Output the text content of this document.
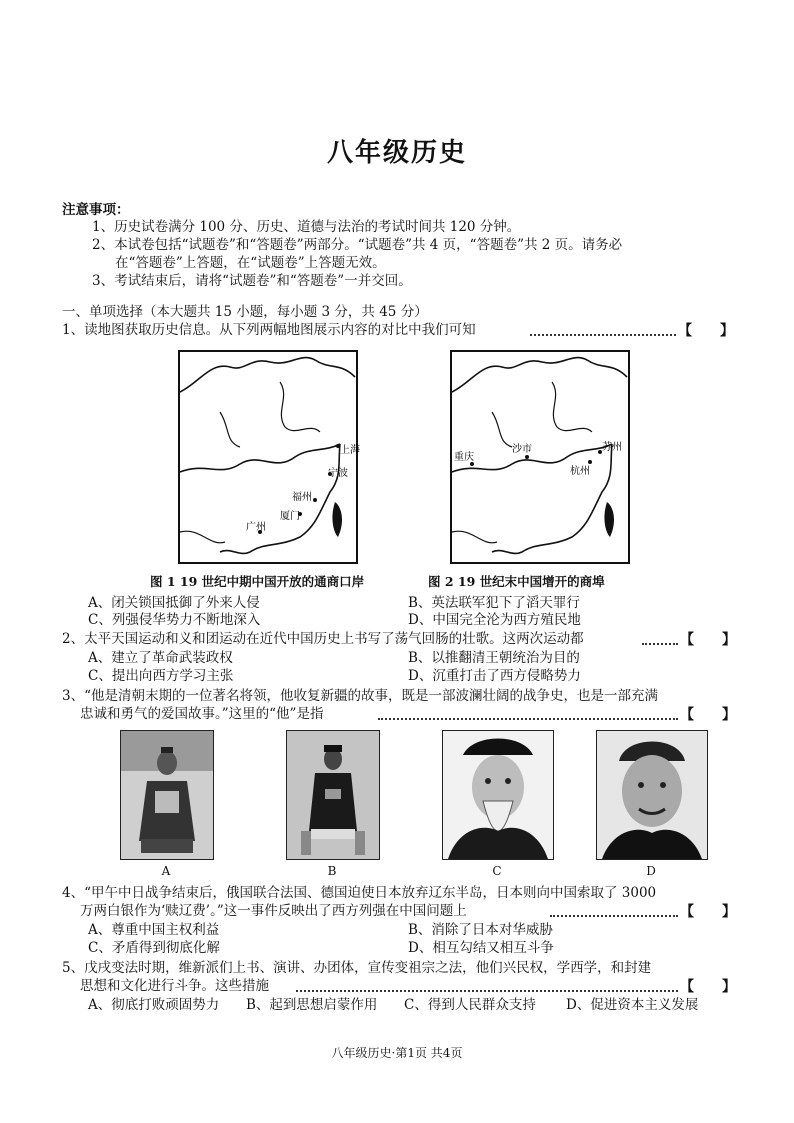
八年级历史
注意事项：
1、历史试卷满分 100 分、历史、道德与法治的考试时间共 120 分钟。
2、本试卷包括“试题卷”和“答题卷”两部分。“试题卷”共 4 页，“答题卷”共 2 页。请务必
在“答题卷”上答题，在“试题卷”上答题无效。
3、考试结束后，请将“试题卷”和“答题卷”一并交回。
一、单项选择（本大题共 15 小题，每小题 3 分，共 45 分）
1、读地图获取历史信息。从下列两幅地图展示内容的对比中我们可知	【　　】
上海
宁波
福州
厦门
广州
重庆
沙市	苏州
杭州
图 1 19 世纪中期中国开放的通商口岸	图 2 19 世纪末中国增开的商埠
A、闭关锁国抵御了外来人侵	B、英法联军犯下了滔天罪行
C、列强侵华势力不断地深入	D、中国完全沦为西方殖民地
2、太平天国运动和义和团运动在近代中国历史上书写了荡气回肠的壮歌。这两次运动都	【　　】
A、建立了革命武装政权	B、以推翻清王朝统治为目的
C、提出向西方学习主张	D、沉重打击了西方侵略势力
3、“他是清朝末期的一位著名将领，他收复新疆的故事，既是一部波澜壮阔的战争史，也是一部充满
忠诚和勇气的爱国故事。”这里的“他”是指	【　　】
A	B	C	D
4、“甲午中日战争结束后，俄国联合法国、德国迫使日本放弃辽东半岛，日本则向中国索取了 3000
万两白银作为‘赎辽费’。”这一事件反映出了西方列强在中国问题上	【　　】
A、尊重中国主权利益	B、消除了日本对华威胁
C、矛盾得到彻底化解	D、相互勾结又相互斗争
5、戊戌变法时期，维新派们上书、演讲、办团体，宣传变祖宗之法，他们兴民权，学西学，和封建
思想和文化进行斗争。这些措施	【　　】
A、彻底打败顽固势力 B、起到思想启蒙作用 C、得到人民群众支持 D、促进资本主义发展
八年级历史·第1页 共4页
